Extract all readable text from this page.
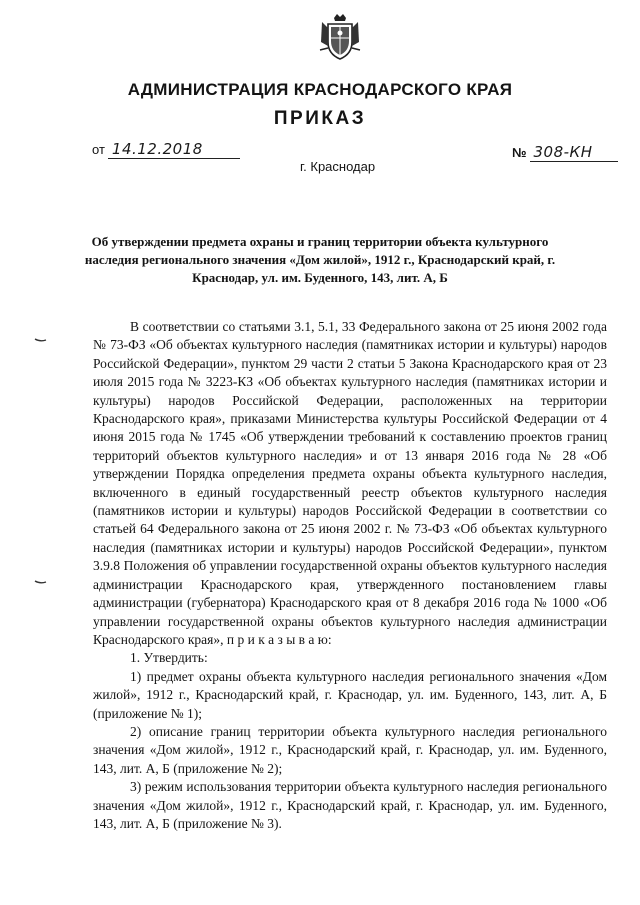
АДМИНИСТРАЦИЯ КРАСНОДАРСКОГО КРАЯ
ПРИКАЗ
от 14.12.2018	№ 308-КН
г. Краснодар
Об утверждении предмета охраны и границ территории объекта культурного наследия регионального значения «Дом жилой», 1912 г., Краснодарский край, г. Краснодар, ул. им. Буденного, 143, лит. А, Б

В соответствии со статьями 3.1, 5.1, 33 Федерального закона от 25 июня 2002 года № 73-ФЗ «Об объектах культурного наследия (памятниках истории и культуры) народов Российской Федерации», пунктом 29 части 2 статьи 5 Закона Краснодарского края от 23 июля 2015 года № 3223-КЗ «Об объектах культурного наследия (памятниках истории и культуры) народов Российской Федерации, расположенных на территории Краснодарского края», приказами Министерства культуры Российской Федерации от 4 июня 2015 года № 1745 «Об утверждении требований к составлению проектов границ территорий объектов культурного наследия» и от 13 января 2016 года № 28 «Об утверждении Порядка определения предмета охраны объекта культурного наследия, включенного в единый государственный реестр объектов культурного наследия (памятников истории и культуры) народов Российской Федерации в соответствии со статьей 64 Федерального закона от 25 июня 2002 г. № 73-ФЗ «Об объектах культурного наследия (памятниках истории и культуры) народов Российской Федерации», пунктом 3.9.8 Положения об управлении государственной охраны объектов культурного наследия администрации Краснодарского края, утвержденного постановлением главы администрации (губернатора) Краснодарского края от 8 декабря 2016 года № 1000 «Об управлении государственной охраны объектов культурного наследия администрации Краснодарского края», п р и к а з ы в а ю:

1. Утвердить:

1) предмет охраны объекта культурного наследия регионального значения «Дом жилой», 1912 г., Краснодарский край, г. Краснодар, ул. им. Буденного, 143, лит. А, Б (приложение № 1);

2) описание границ территории объекта культурного наследия регионального значения «Дом жилой», 1912 г., Краснодарский край, г. Краснодар, ул. им. Буденного, 143, лит. А, Б (приложение № 2);

3) режим использования территории объекта культурного наследия регионального значения «Дом жилой», 1912 г., Краснодарский край, г. Краснодар, ул. им. Буденного, 143, лит. А, Б (приложение № 3).
